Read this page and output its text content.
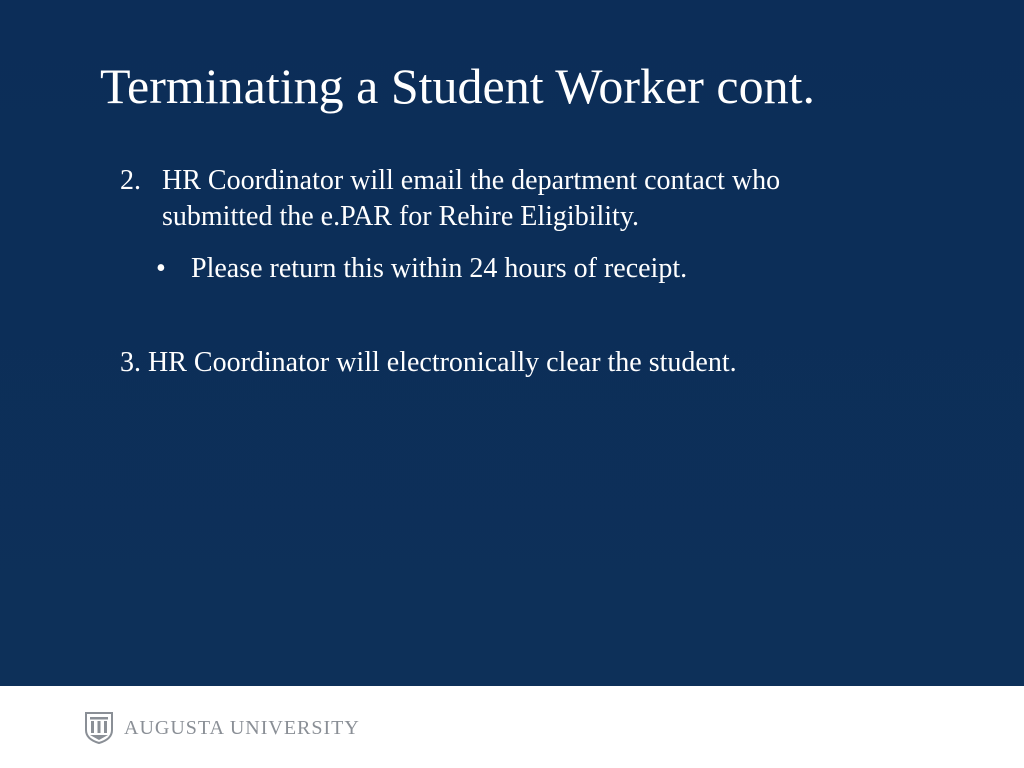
Terminating a Student Worker cont.
2. HR Coordinator will email the department contact who
submitted the e.PAR for Rehire Eligibility.
• Please return this within 24 hours of receipt.
3. HR Coordinator will electronically clear the student.
AUGUSTA UNIVERSITY
